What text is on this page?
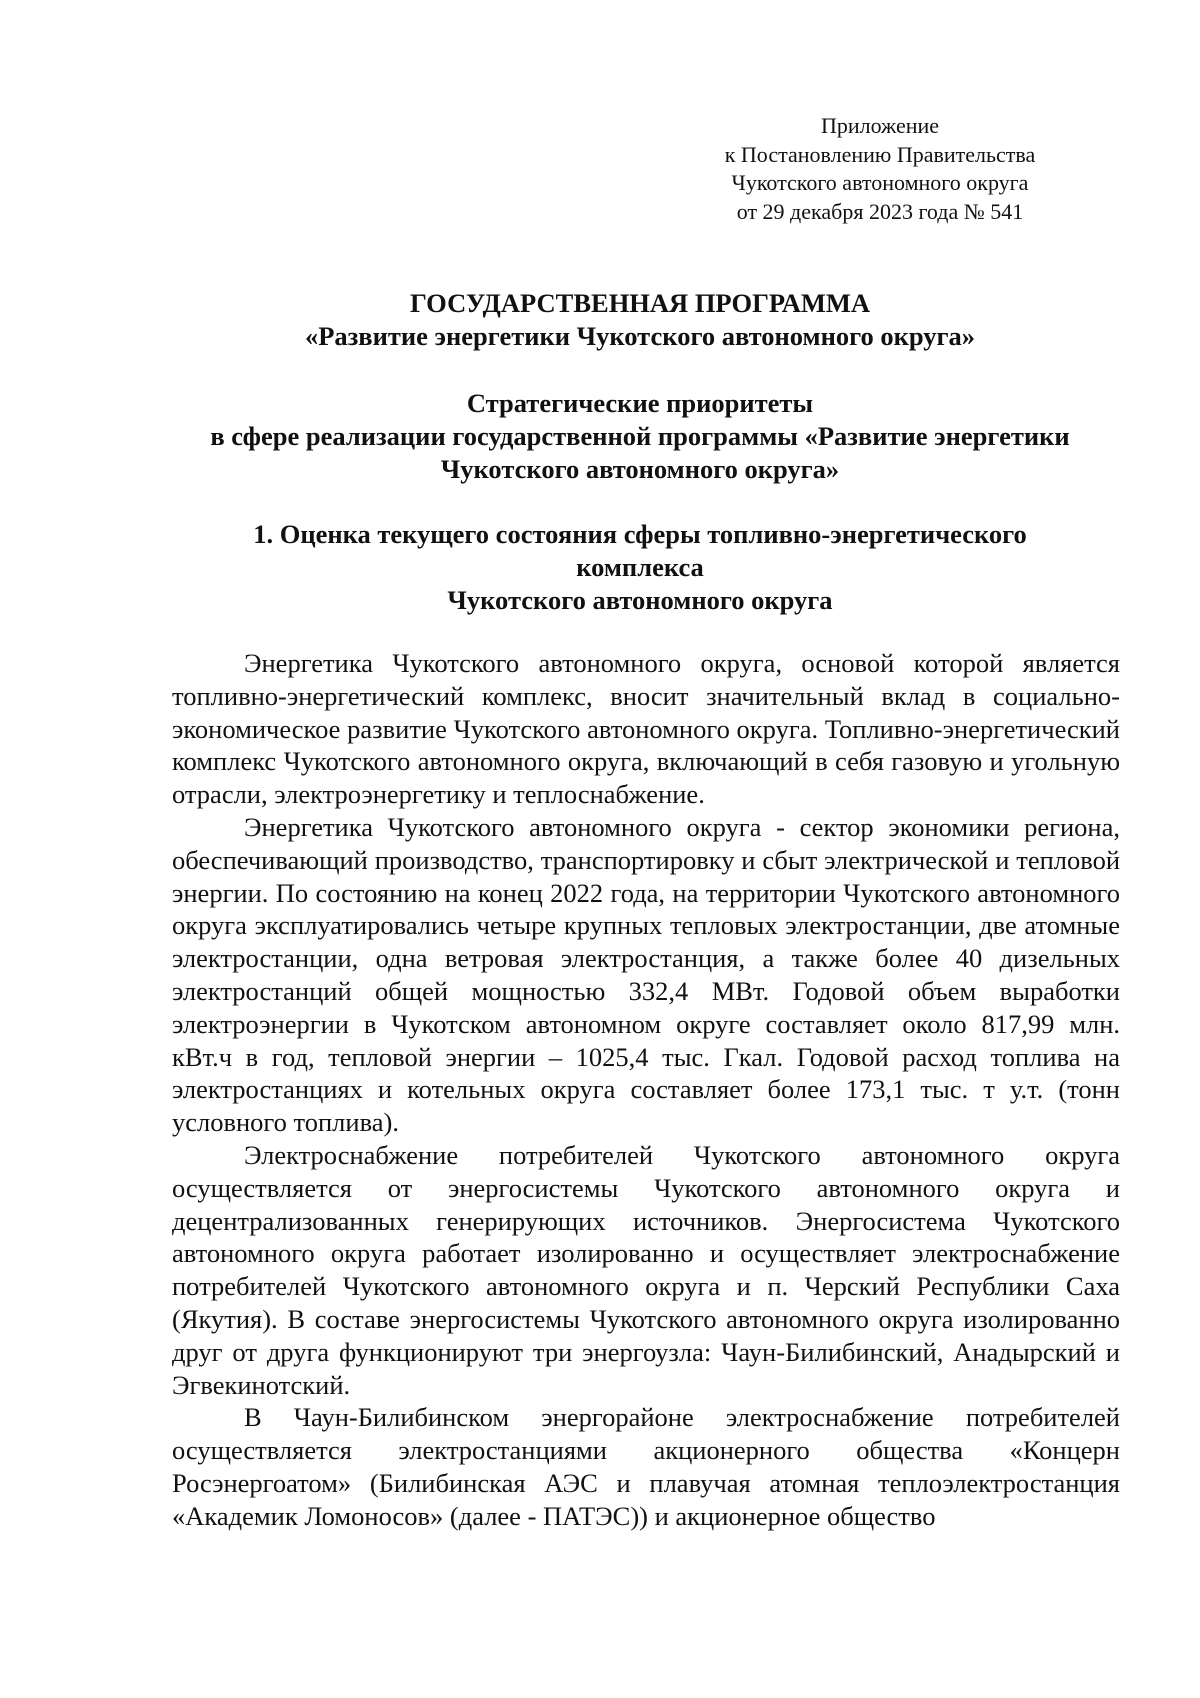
Приложение
к Постановлению Правительства
Чукотского автономного округа
от 29 декабря 2023 года № 541
ГОСУДАРСТВЕННАЯ ПРОГРАММА
«Развитие энергетики Чукотского автономного округа»
Стратегические приоритеты
в сфере реализации государственной программы «Развитие энергетики
Чукотского автономного округа»
1. Оценка текущего состояния сферы топливно-энергетического
комплекса
Чукотского автономного округа

Энергетика Чукотского автономного округа, основой которой является топливно-энергетический комплекс, вносит значительный вклад в социально-экономическое развитие Чукотского автономного округа. Топливно-энергетический комплекс Чукотского автономного округа, включающий в себя газовую и угольную отрасли, электроэнергетику и теплоснабжение.

Энергетика Чукотского автономного округа - сектор экономики региона, обеспечивающий производство, транспортировку и сбыт электрической и тепловой энергии. По состоянию на конец 2022 года, на территории Чукотского автономного округа эксплуатировались четыре крупных тепловых электростанции, две атомные электростанции, одна ветровая электростанция, а также более 40 дизельных электростанций общей мощностью 332,4 МВт. Годовой объем выработки электроэнергии в Чукотском автономном округе составляет около 817,99 млн. кВт.ч в год, тепловой энергии – 1025,4 тыс. Гкал. Годовой расход топлива на электростанциях и котельных округа составляет более 173,1 тыс. т у.т. (тонн условного топлива).

Электроснабжение потребителей Чукотского автономного округа осуществляется от энергосистемы Чукотского автономного округа и децентрализованных генерирующих источников. Энергосистема Чукотского автономного округа работает изолированно и осуществляет электроснабжение потребителей Чукотского автономного округа и п. Черский Республики Саха (Якутия). В составе энергосистемы Чукотского автономного округа изолированно друг от друга функционируют три энергоузла: Чаун-Билибинский, Анадырский и Эгвекинотский.

В Чаун-Билибинском энергорайоне электроснабжение потребителей осуществляется электростанциями акционерного общества «Концерн Росэнергоатом» (Билибинская АЭС и плавучая атомная теплоэлектростанция «Академик Ломоносов» (далее - ПАТЭС)) и акционерное общество
